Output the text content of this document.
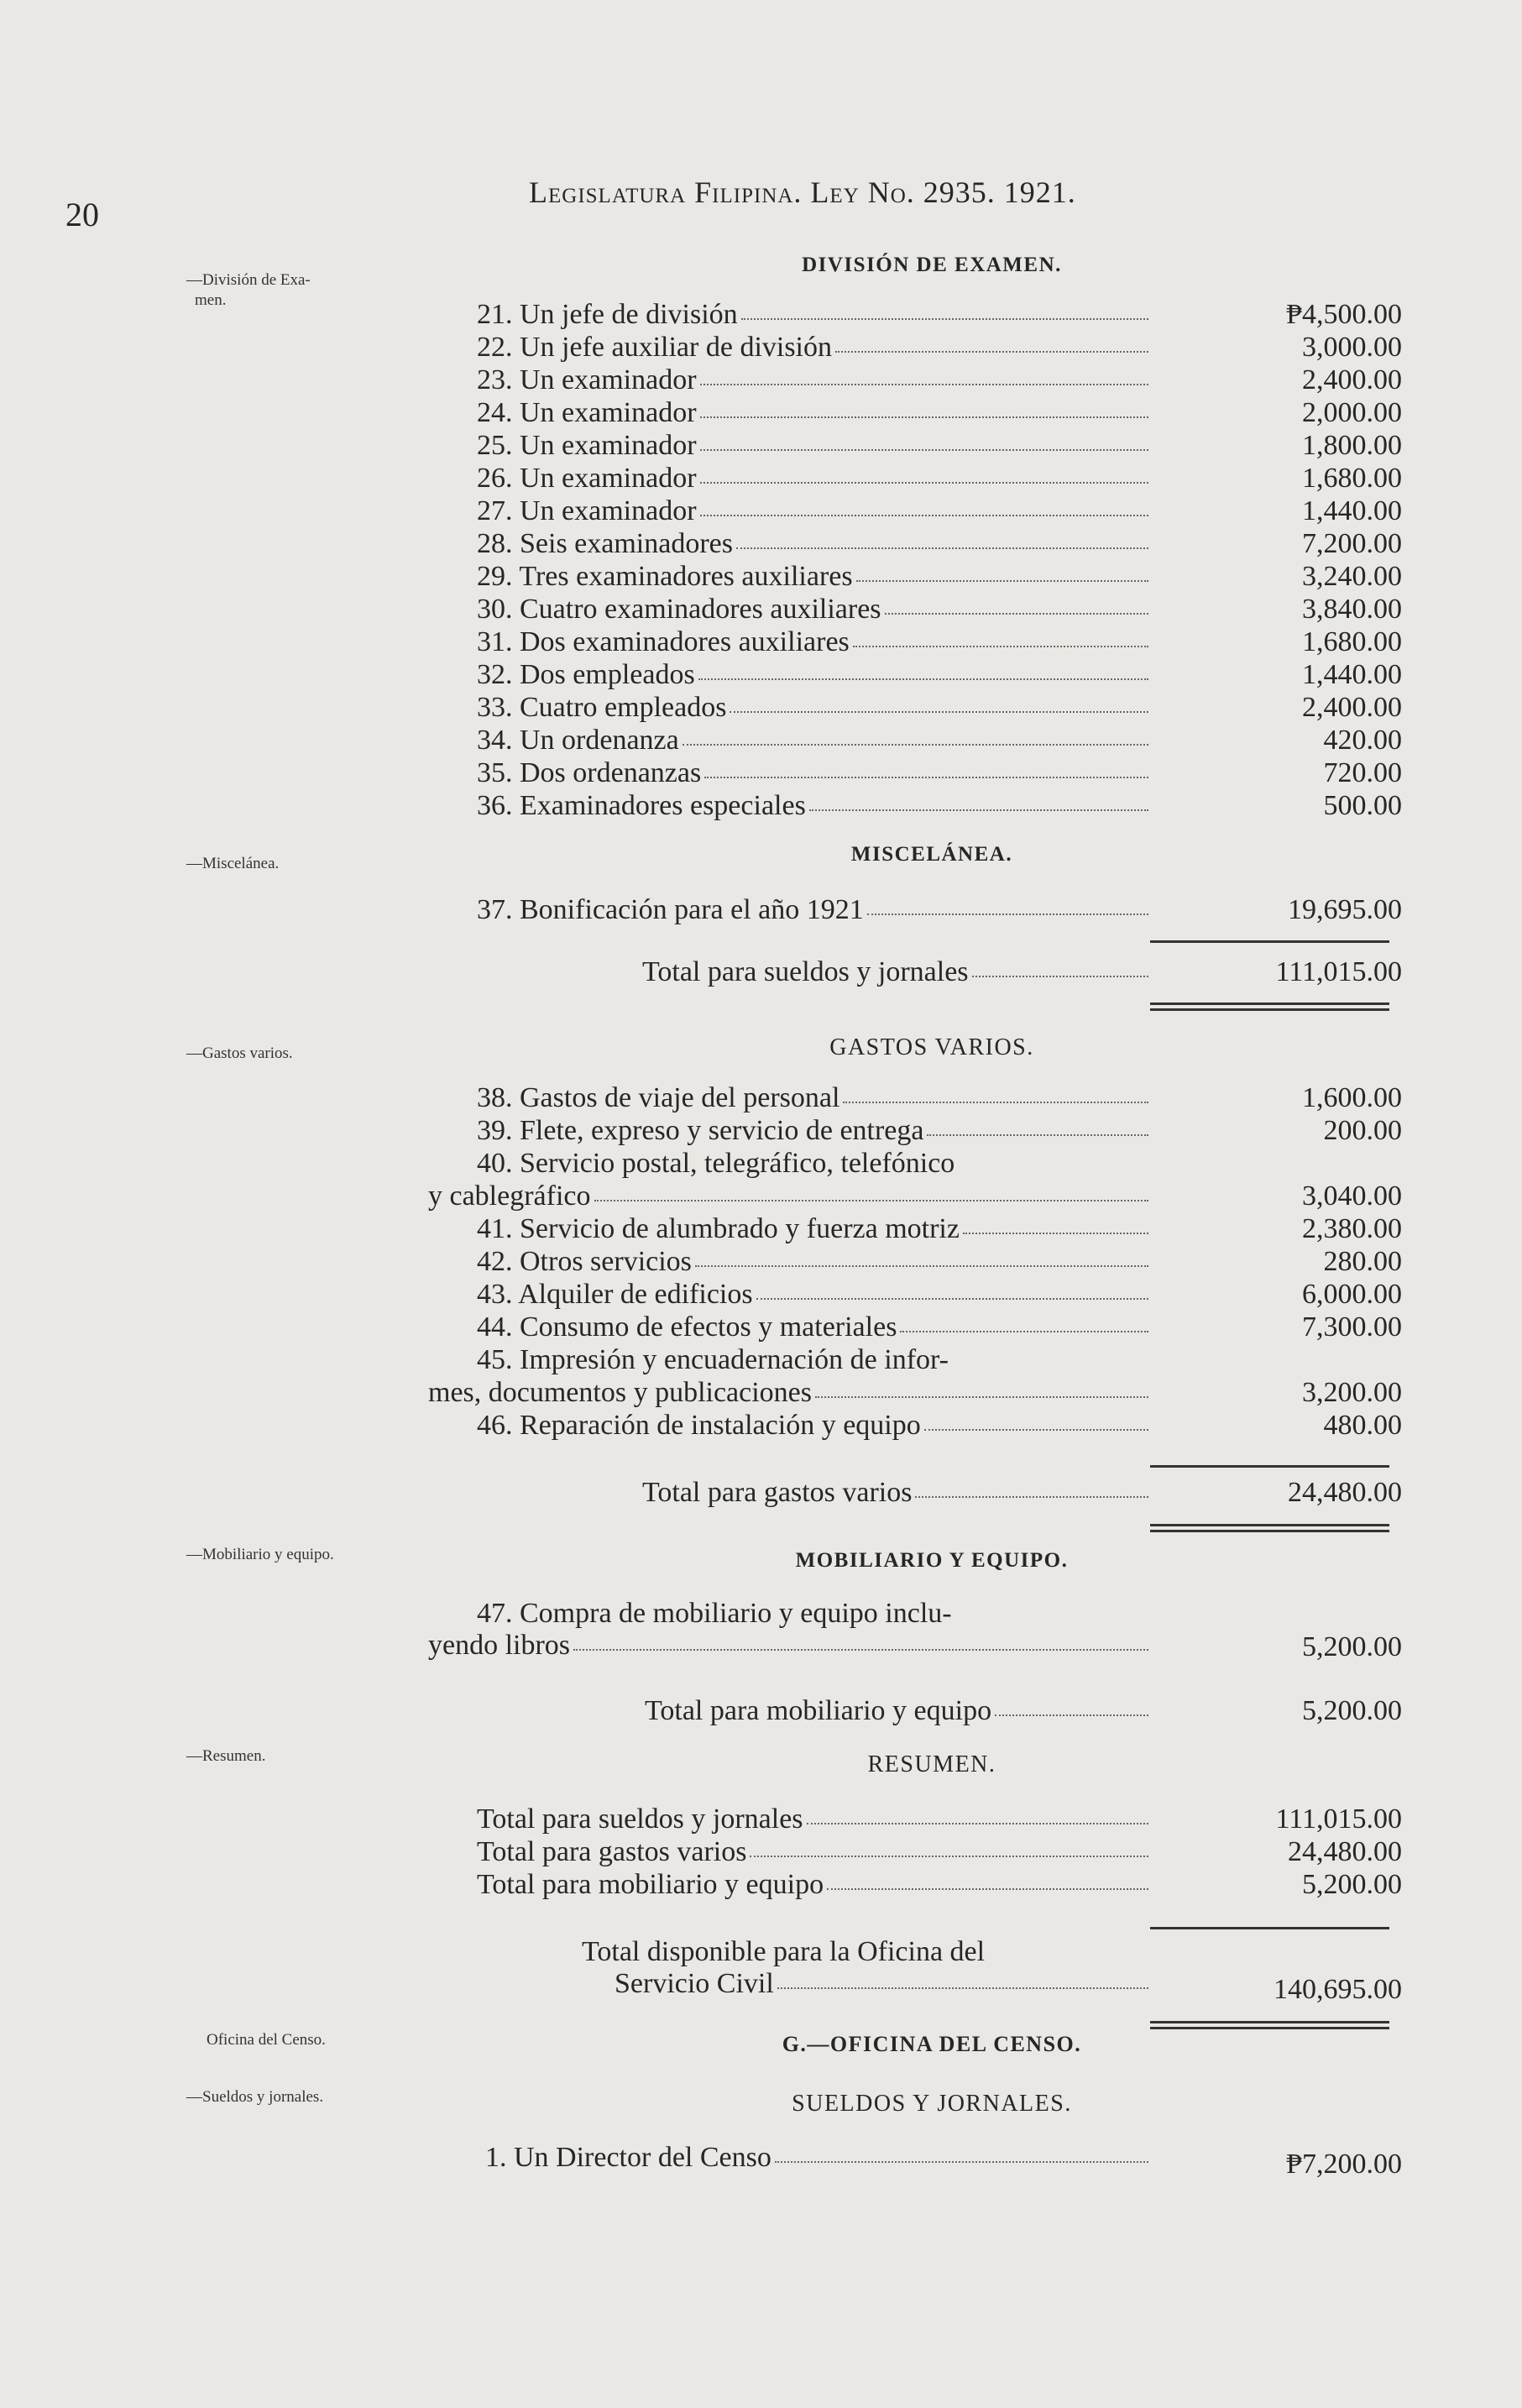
20
Legislatura Filipina. Ley No. 2935. 1921.
—División de Exa-
men.
—Miscelánea.
—Gastos varios.
—Mobiliario y equipo.
—Resumen.
Oficina del Censo.
—Sueldos y jornales.
DIVISIÓN DE EXAMEN.
21. Un jefe de división	₱4,500.00
22. Un jefe auxiliar de división	3,000.00
23. Un examinador	2,400.00
24. Un examinador	2,000.00
25. Un examinador	1,800.00
26. Un examinador	1,680.00
27. Un examinador	1,440.00
28. Seis examinadores	7,200.00
29. Tres examinadores auxiliares	3,240.00
30. Cuatro examinadores auxiliares	3,840.00
31. Dos examinadores auxiliares	1,680.00
32. Dos empleados	1,440.00
33. Cuatro empleados	2,400.00
34. Un ordenanza	420.00
35. Dos ordenanzas	720.00
36. Examinadores especiales	500.00
MISCELÁNEA.
37. Bonificación para el año 1921	19,695.00
Total para sueldos y jornales	111,015.00
GASTOS VARIOS.
38. Gastos de viaje del personal	1,600.00
39. Flete, expreso y servicio de entrega	200.00
40. Servicio postal, telegráfico, telefónico
y cablegráfico	3,040.00
41. Servicio de alumbrado y fuerza motriz	2,380.00
42. Otros servicios	280.00
43. Alquiler de edificios	6,000.00
44. Consumo de efectos y materiales	7,300.00
45. Impresión y encuadernación de infor-
mes, documentos y publicaciones	3,200.00
46. Reparación de instalación y equipo	480.00
Total para gastos varios	24,480.00
MOBILIARIO Y EQUIPO.
47. Compra de mobiliario y equipo inclu-
yendo libros	5,200.00
Total para mobiliario y equipo	5,200.00
RESUMEN.
Total para sueldos y jornales	111,015.00
Total para gastos varios	24,480.00
Total para mobiliario y equipo	5,200.00
Total disponible para la Oficina del
Servicio Civil	140,695.00
G.—OFICINA DEL CENSO.
SUELDOS Y JORNALES.
1. Un Director del Censo	₱7,200.00
